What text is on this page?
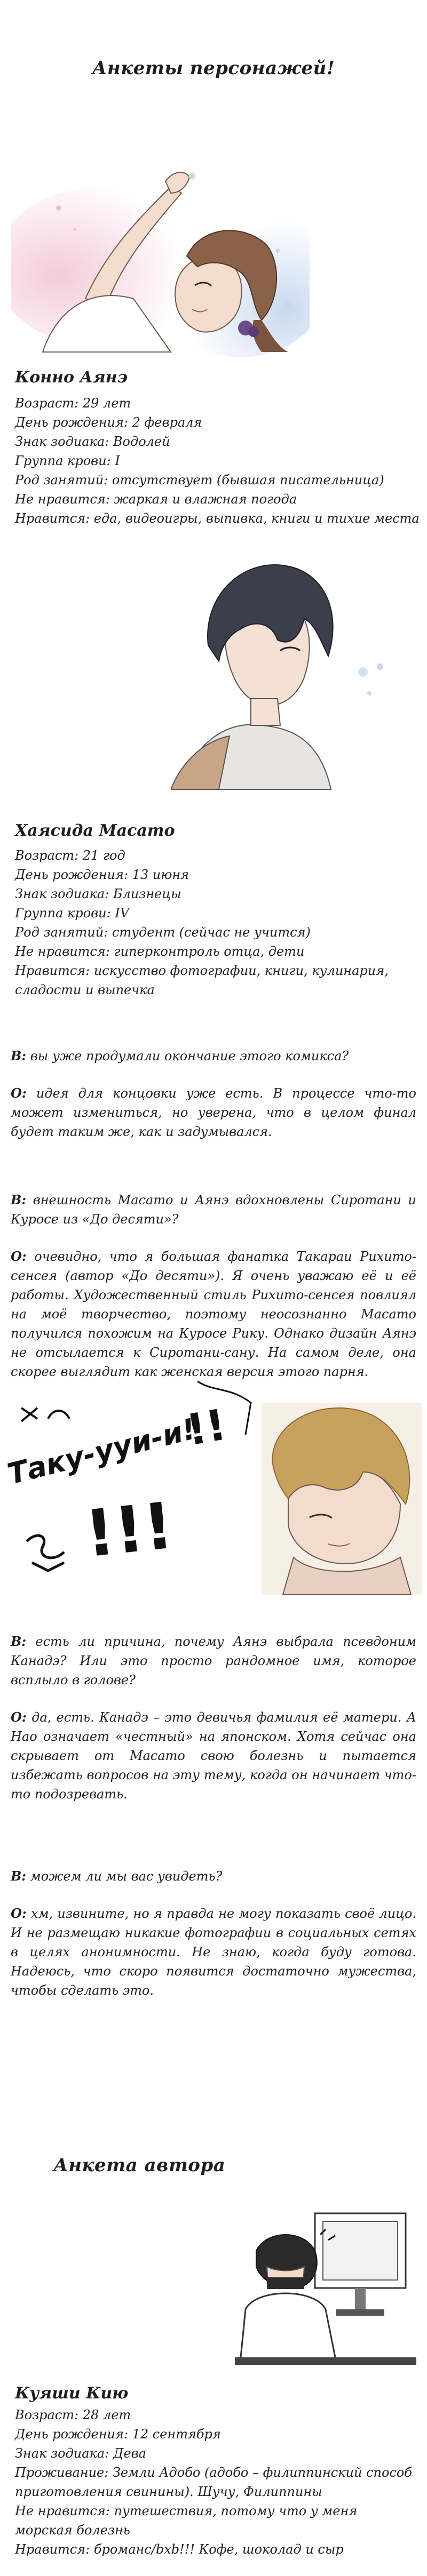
Анкеты персонажей!
Конно Аянэ
Возраст: 29 лет
День рождения: 2 февраля
Знак зодиака: Водолей
Группа крови: I
Род занятий: отсутствует (бывшая писательница)
Не нравится: жаркая и влажная погода
Нравится: еда, видеоигры, выпивка, книги и тихие места
Хаясида Масато
Возраст: 21 год
День рождения: 13 июня
Знак зодиака: Близнецы
Группа крови: IV
Род занятий: студент (сейчас не учится)
Не нравится: гиперконтроль отца, дети
Нравится: искусство фотографии, книги, кулинария,
сладости и выпечка

В: вы уже продумали окончание этого комикса?

О: идея для концовки уже есть. В процессе что-то может измениться, но уверена, что в целом финал будет таким же, как и задумывался.

В: внешность Масато и Аянэ вдохновлены Сиротани и Куросе из «До десяти»?

О: очевидно, что я большая фанатка Такараи Рихито-сенсея (автор «До десяти»). Я очень уважаю её и её работы. Художественный стиль Рихито-сенсея повлиял на моё творчество, поэтому неосознанно Масато получился похожим на Куросе Рику. Однако дизайн Аянэ не отсылается к Сиротани-сану. На самом деле, она скорее выглядит как женская версия этого парня.

Таку-ууи-и!
!!!
!!

В: есть ли причина, почему Аянэ выбрала псевдоним Канадэ? Или это просто рандомное имя, которое всплыло в голове?

О: да, есть. Канадэ – это девичья фамилия её матери. А Нао означает «честный» на японском. Хотя сейчас она скрывает от Масато свою болезнь и пытается избежать вопросов на эту тему, когда он начинает что-то подозревать.

В: можем ли мы вас увидеть?

О: хм, извините, но я правда не могу показать своё лицо. И не размещаю никакие фотографии в социальных сетях в целях анонимности. Не знаю, когда буду готова. Надеюсь, что скоро появится достаточно мужества, чтобы сделать это.

Анкета автора
Куяши Кию
Возраст: 28 лет
День рождения: 12 сентября
Знак зодиака: Дева
Проживание: Земли Адобо (адобо – филиппинский способ
приготовления свинины). Шучу, Филиппины
Не нравится: путешествия, потому что у меня
морская болезнь
Нравится: броманс/bxb!!! Кофе, шоколад и сыр
